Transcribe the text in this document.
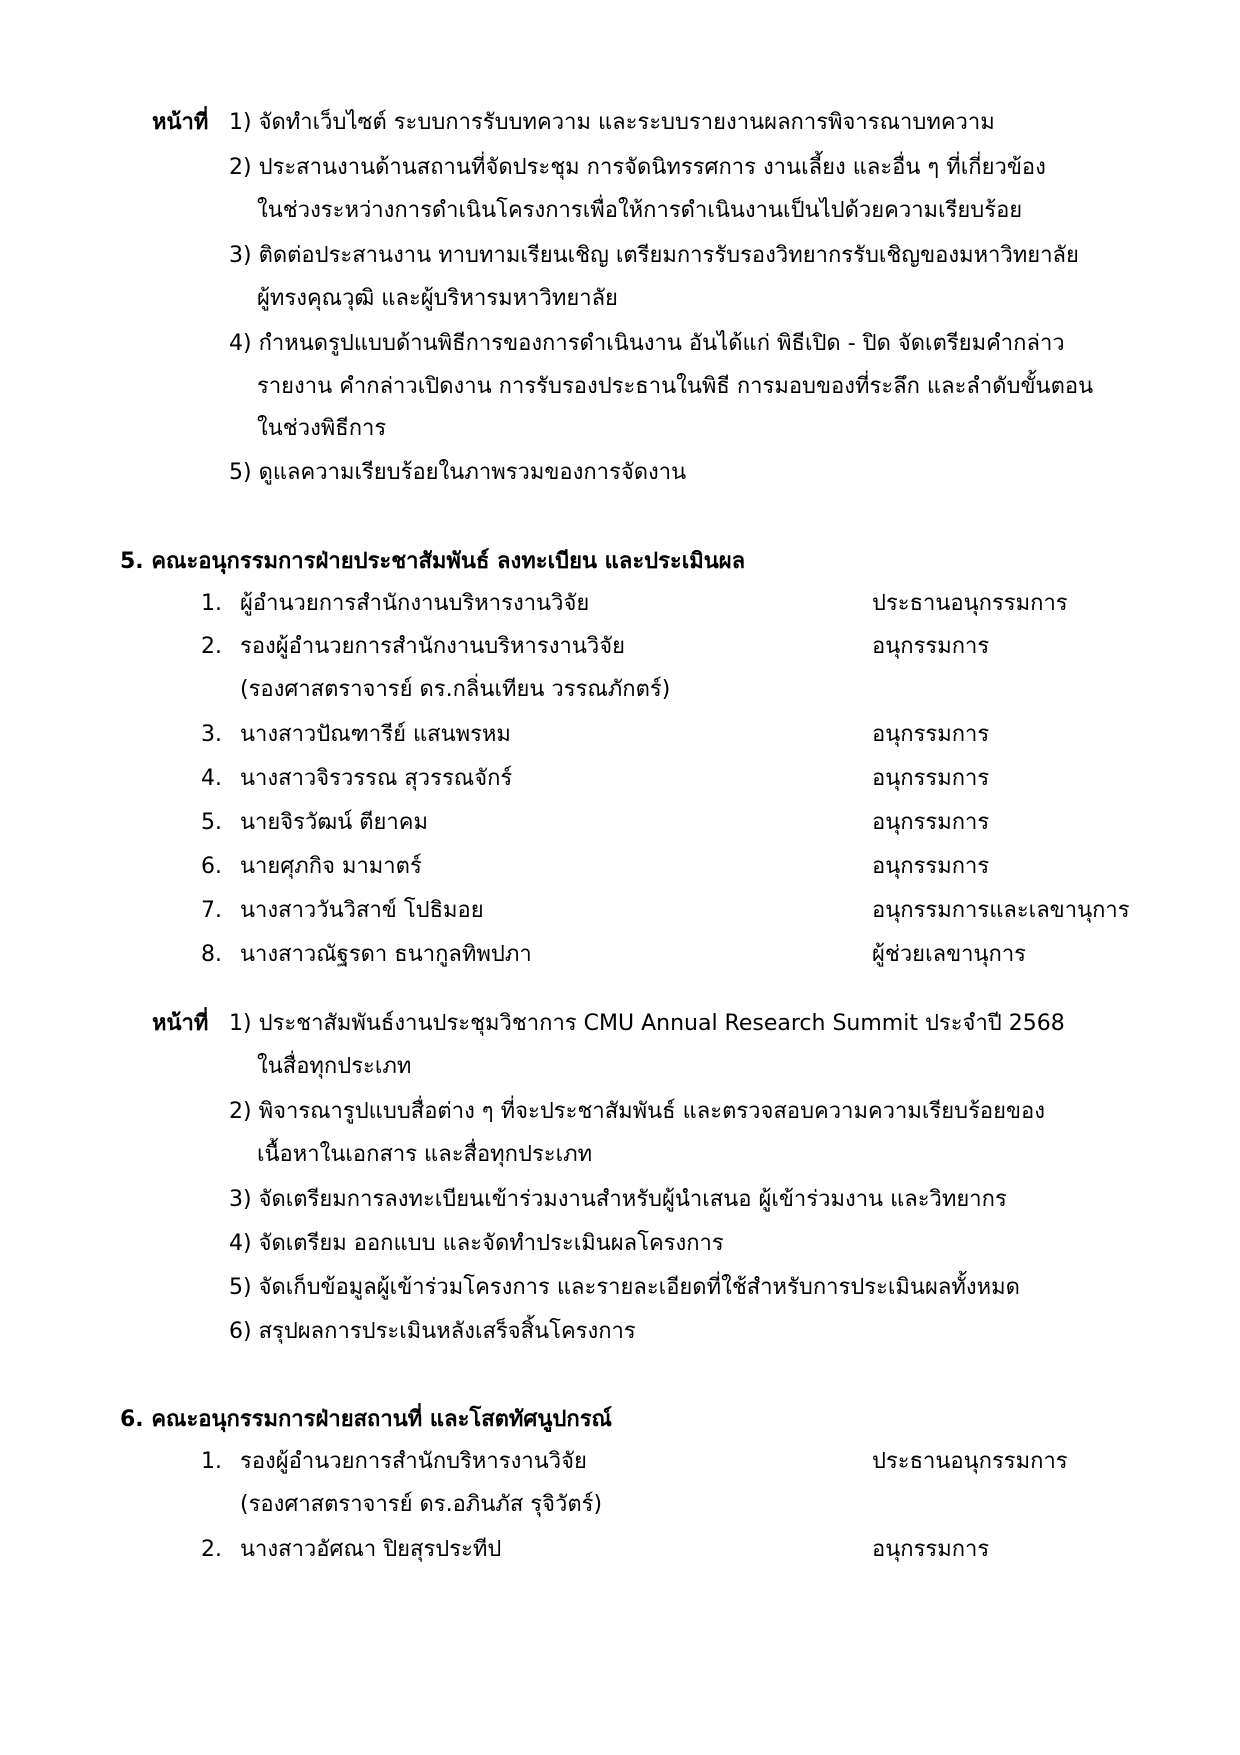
หน้าที่ 1) จัดทำเว็บไซต์ ระบบการรับบทความ และระบบรายงานผลการพิจารณาบทความ
2) ประสานงานด้านสถานที่จัดประชุม การจัดนิทรรศการ งานเลี้ยง และอื่น ๆ ที่เกี่ยวข้อง
ในช่วงระหว่างการดำเนินโครงการเพื่อให้การดำเนินงานเป็นไปด้วยความเรียบร้อย
3) ติดต่อประสานงาน ทาบทามเรียนเชิญ เตรียมการรับรองวิทยากรรับเชิญของมหาวิทยาลัย
ผู้ทรงคุณวุฒิ และผู้บริหารมหาวิทยาลัย
4) กำหนดรูปแบบด้านพิธีการของการดำเนินงาน อันได้แก่ พิธีเปิด - ปิด จัดเตรียมคำกล่าว
รายงาน คำกล่าวเปิดงาน การรับรองประธานในพิธี การมอบของที่ระลึก และลำดับขั้นตอน
ในช่วงพิธีการ
5) ดูแลความเรียบร้อยในภาพรวมของการจัดงาน
5. คณะอนุกรรมการฝ่ายประชาสัมพันธ์ ลงทะเบียน และประเมินผล
1. ผู้อำนวยการสำนักงานบริหารงานวิจัย	ประธานอนุกรรมการ
2. รองผู้อำนวยการสำนักงานบริหารงานวิจัย	อนุกรรมการ
(รองศาสตราจารย์ ดร.กลิ่นเทียน วรรณภักตร์)
3. นางสาวปัณฑารีย์ แสนพรหม	อนุกรรมการ
4. นางสาวจิรวรรณ สุวรรณจักร์	อนุกรรมการ
5. นายจิรวัฒน์ ตียาคม	อนุกรรมการ
6. นายศุภกิจ มามาตร์	อนุกรรมการ
7. นางสาววันวิสาข์ โปธิมอย	อนุกรรมการและเลขานุการ
8. นางสาวณัฐรดา ธนากูลทิพปภา	ผู้ช่วยเลขานุการ
หน้าที่ 1) ประชาสัมพันธ์งานประชุมวิชาการ CMU Annual Research Summit ประจำปี 2568
ในสื่อทุกประเภท
2) พิจารณารูปแบบสื่อต่าง ๆ ที่จะประชาสัมพันธ์ และตรวจสอบความความเรียบร้อยของ
เนื้อหาในเอกสาร และสื่อทุกประเภท
3) จัดเตรียมการลงทะเบียนเข้าร่วมงานสำหรับผู้นำเสนอ ผู้เข้าร่วมงาน และวิทยากร
4) จัดเตรียม ออกแบบ และจัดทำประเมินผลโครงการ
5) จัดเก็บข้อมูลผู้เข้าร่วมโครงการ และรายละเอียดที่ใช้สำหรับการประเมินผลทั้งหมด
6) สรุปผลการประเมินหลังเสร็จสิ้นโครงการ
6. คณะอนุกรรมการฝ่ายสถานที่ และโสตทัศนูปกรณ์
1. รองผู้อำนวยการสำนักบริหารงานวิจัย	ประธานอนุกรรมการ
(รองศาสตราจารย์ ดร.อภินภัส รุจิวัตร์)
2. นางสาวอัศณา ปิยสุรประทีป	อนุกรรมการ
